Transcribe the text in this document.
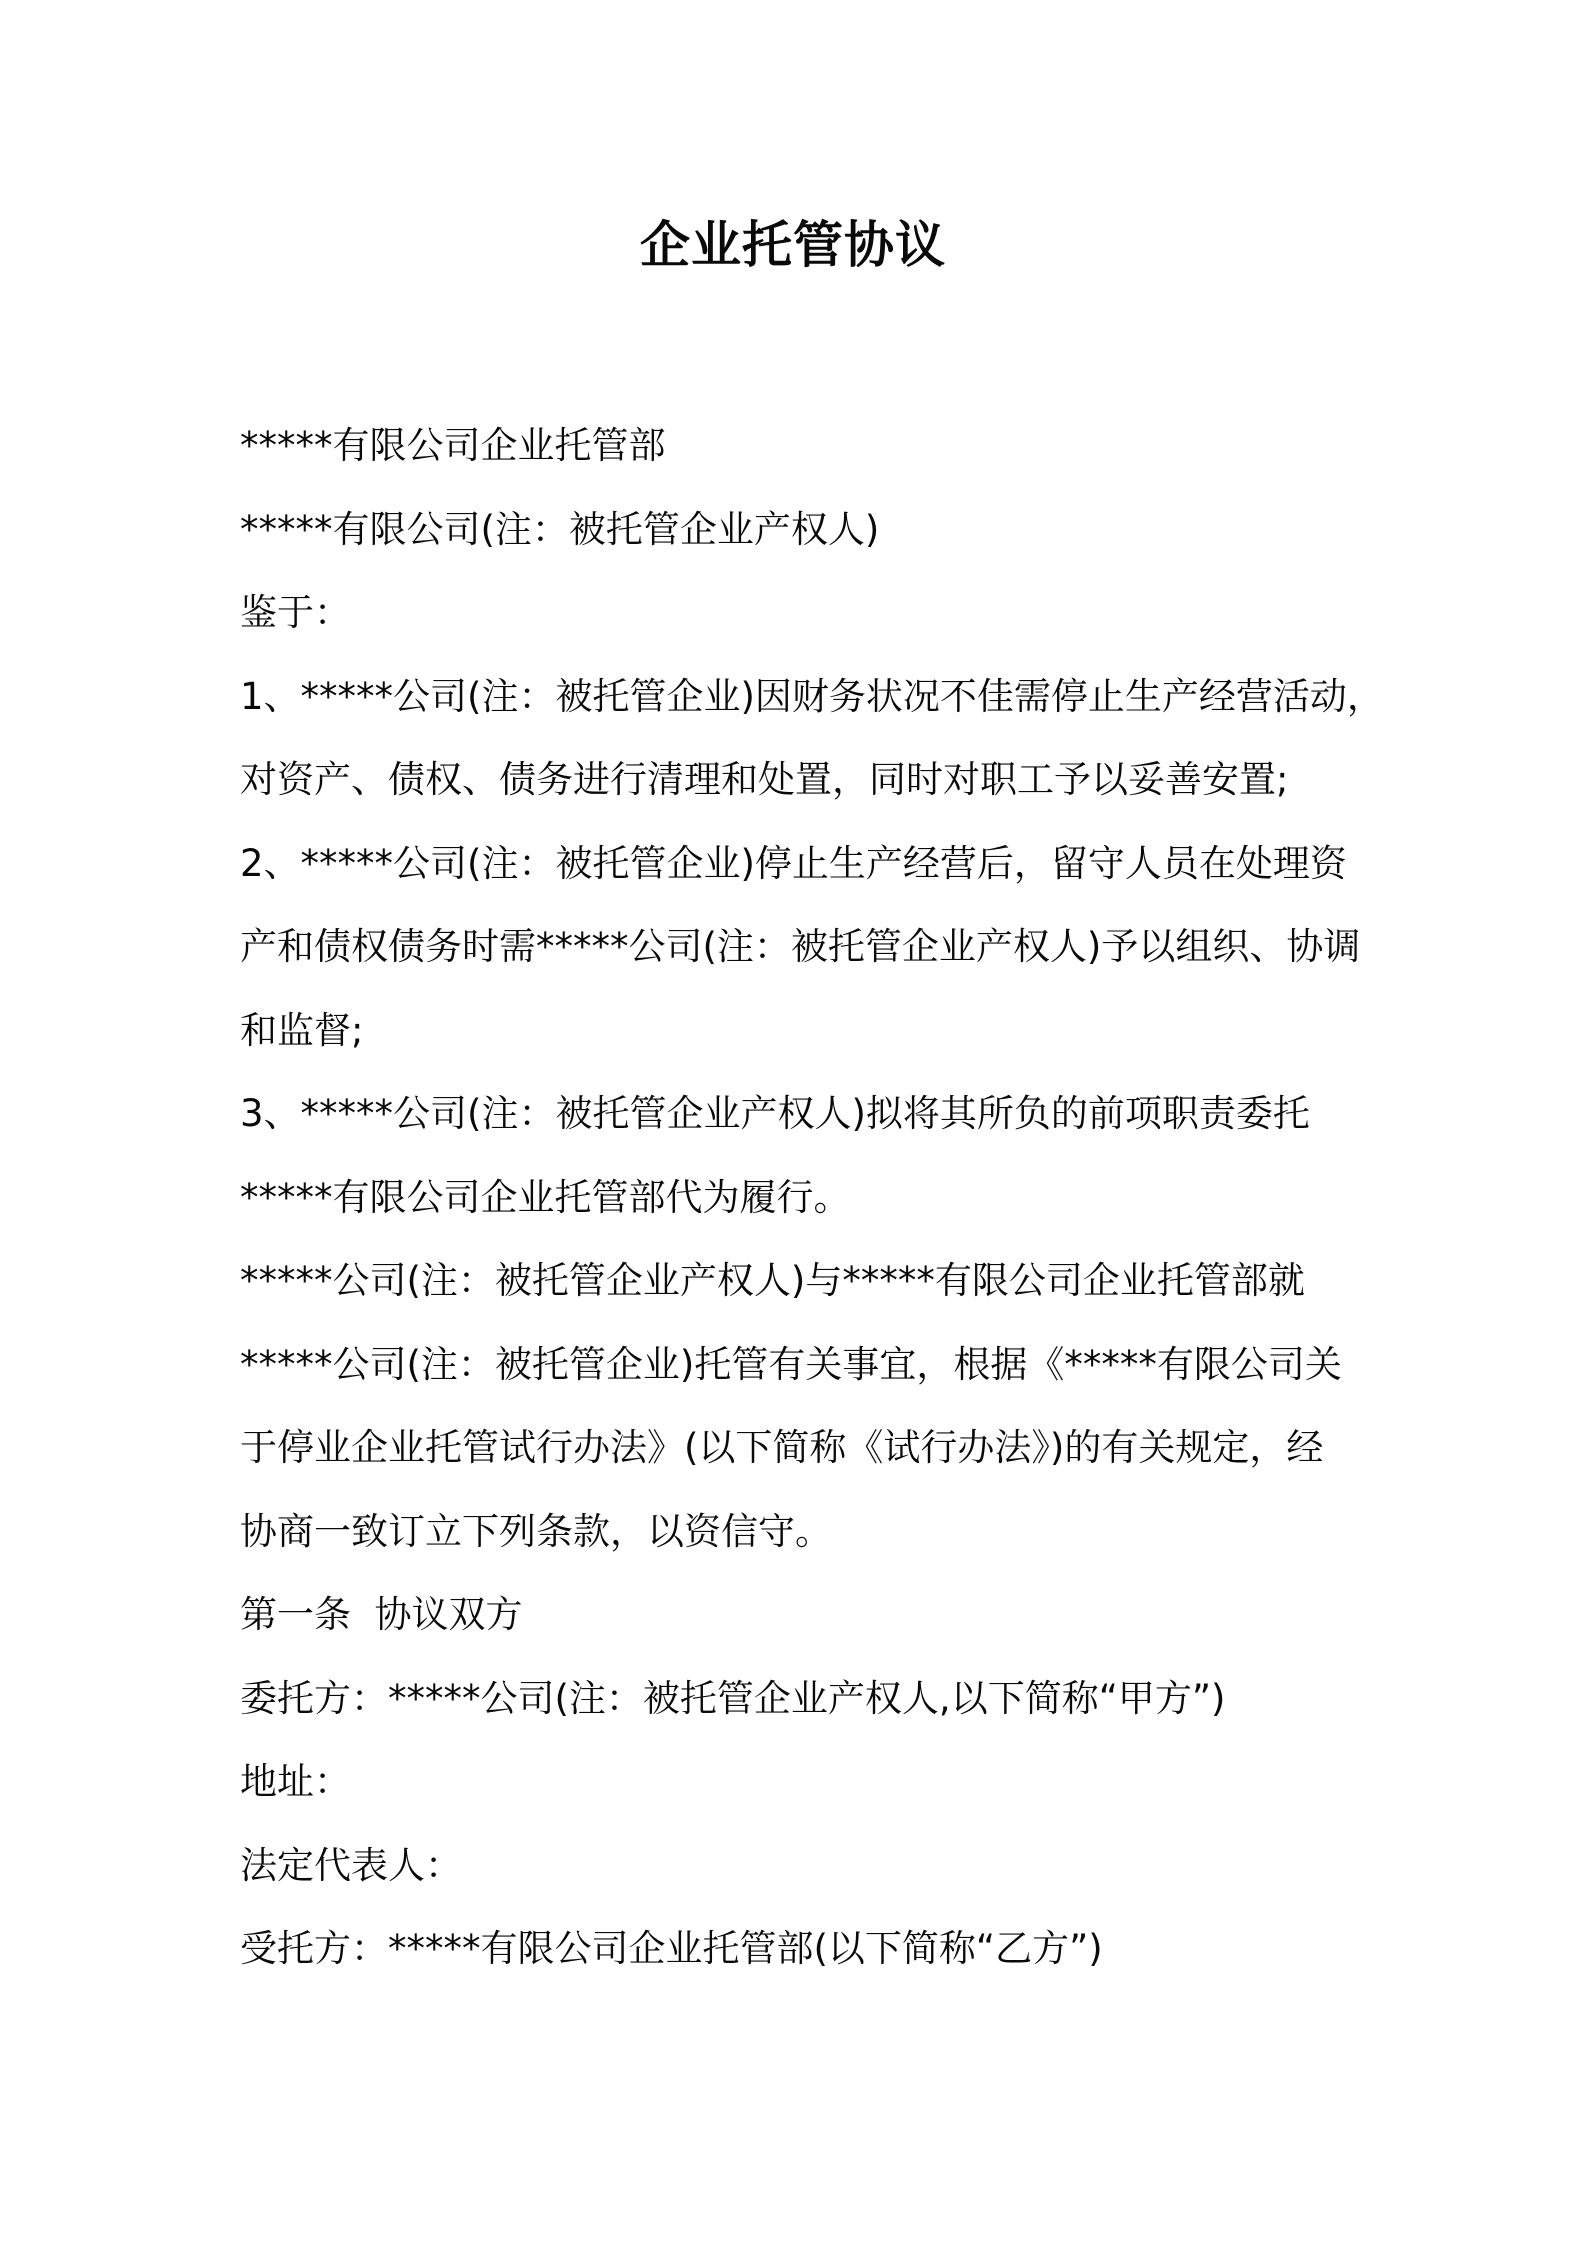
企业托管协议

*****有限公司企业托管部

*****有限公司(注：被托管企业产权人)

鉴于：

1、*****公司(注：被托管企业)因财务状况不佳需停止生产经营活动，

对资产、债权、债务进行清理和处置，同时对职工予以妥善安置;

2、*****公司(注：被托管企业)停止生产经营后，留守人员在处理资

产和债权债务时需*****公司(注：被托管企业产权人)予以组织、协调

和监督;

3、*****公司(注：被托管企业产权人)拟将其所负的前项职责委托

*****有限公司企业托管部代为履行。

*****公司(注：被托管企业产权人)与*****有限公司企业托管部就

*****公司(注：被托管企业)托管有关事宜，根据《*****有限公司关

于停业企业托管试行办法》(以下简称《试行办法》)的有关规定，经

协商一致订立下列条款，以资信守。

第一条  协议双方

委托方：*****公司(注：被托管企业产权人,以下简称“甲方”)

地址：

法定代表人：

受托方：*****有限公司企业托管部(以下简称“乙方”)
